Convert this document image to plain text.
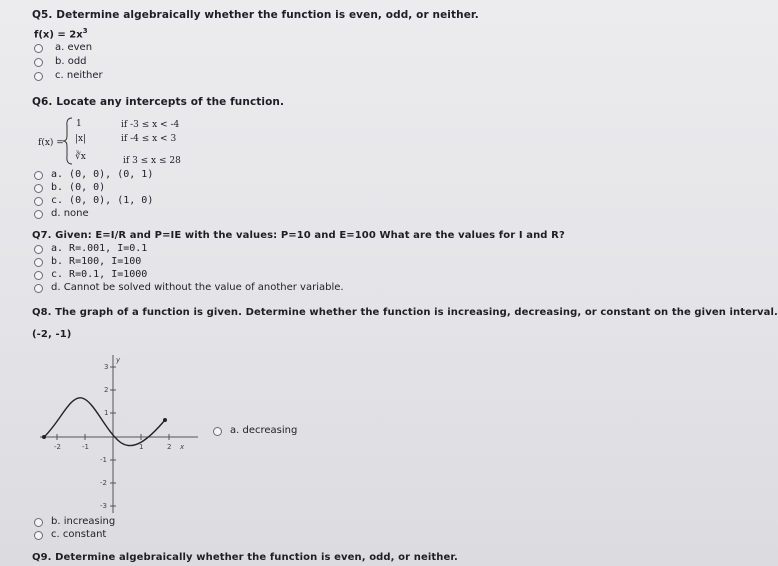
Q5. Determine algebraically whether the function is even, odd, or neither.
$f(x) = 2x^3$
a. even
b. odd
c. neither
Q6. Locate any intercepts of the function.
f(x) =
1	if -3 ≤ x < -4
|x|	if -4 ≤ x < 3
∛x	if 3 ≤ x ≤ 28
a. (0, 0), (0, 1)
b. (0, 0)
c. (0, 0), (1, 0)
d. none
Q7. Given: E=I/R and P=IE with the values: P=10 and E=100 What are the values for I and R?
a. R=.001, I=0.1
b. R=100, I=100
c. R=0.1, I=1000
d. Cannot be solved without the value of another variable.
Q8. The graph of a function is given. Determine whether the function is increasing, decreasing, or constant on the given interval.
(-2, -1)
-2	-1	1	2
3
2
1
-1
-2
-3
y
x
a. decreasing
b. increasing
c. constant
Q9. Determine algebraically whether the function is even, odd, or neither.
